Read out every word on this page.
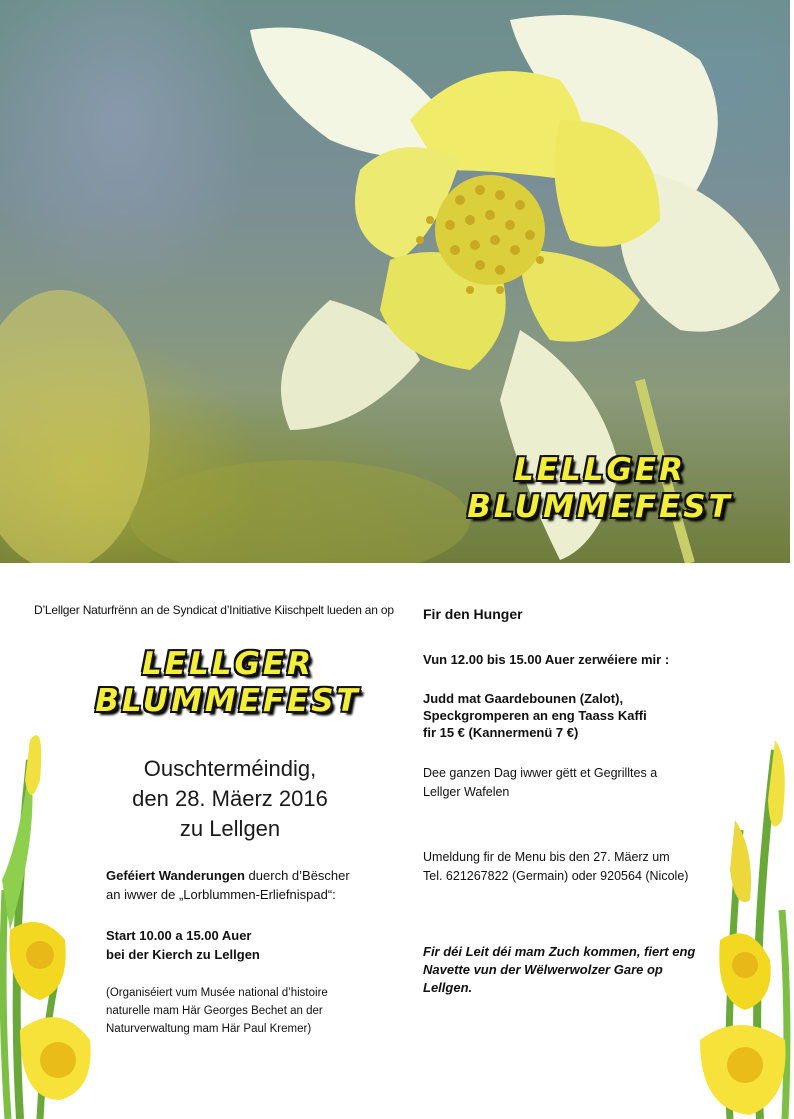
LELLGER
BLUMMEFEST
D’Lellger Naturfrënn an de Syndicat d’Initiative Kiischpelt lueden an op
LELLGER
BLUMMEFEST
Ouschterméindig,
den 28. Mäerz 2016
zu Lellgen
Geféiert Wanderungen duerch d’Bëscher
an iwwer de „Lorblummen-Erliefnispad“:
Start 10.00 a 15.00 Auer
bei der Kierch zu Lellgen
(Organiséiert vum Musée national d’histoire
naturelle mam Här Georges Bechet an der
Naturverwaltung mam Här Paul Kremer)
Fir den Hunger
Vun 12.00 bis 15.00 Auer zerwéiere mir :
Judd mat Gaardebounen (Zalot),
Speckgromperen an eng Taass Kaffi
fir 15 € (Kannermenü 7 €)
Dee ganzen Dag iwwer gëtt et Gegrilltes a
Lellger Wafelen
Umeldung fir de Menu bis den 27. Mäerz um
Tel. 621267822 (Germain) oder 920564 (Nicole)
Fir déi Leit déi mam Zuch kommen, fiert eng
Navette vun der Wëlwerwolzer Gare op
Lellgen.
